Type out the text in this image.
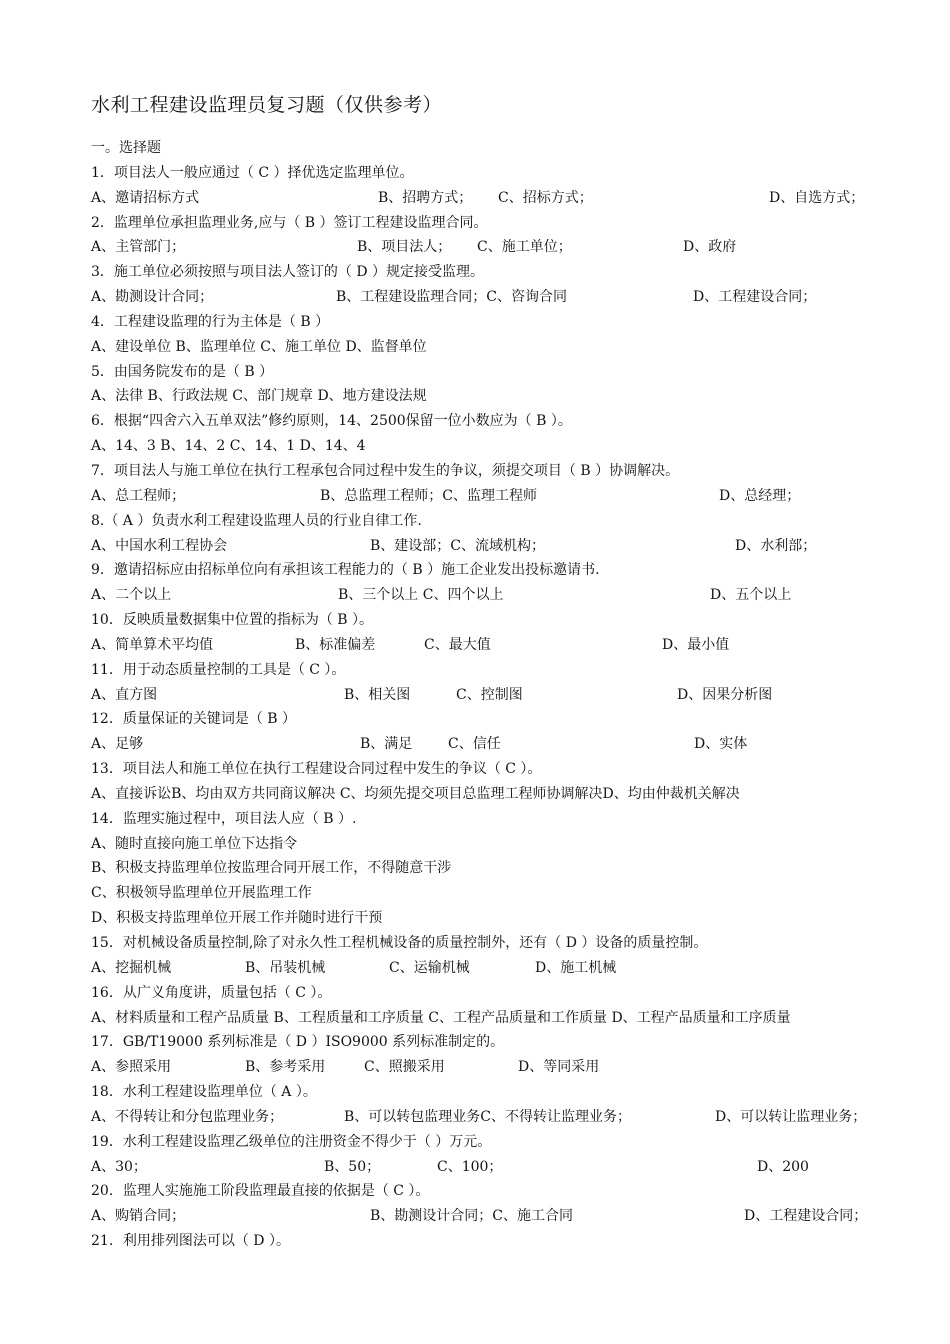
水利工程建设监理员复习题（仅供参考）
一。选择题
1．项目法人一般应通过（ C ）择优选定监理单位。
A、邀请招标方式	B、招聘方式； C、招标方式；	D、自选方式；
2．监理单位承担监理业务,应与（ B ）签订工程建设监理合同。
A、主管部门；	B、项目法人； C、施工单位；	D、政府
3．施工单位必须按照与项目法人签订的（ D ）规定接受监理。
A、勘测设计合同；	B、工程建设监理合同；C、咨询合同	D、工程建设合同；
4．工程建设监理的行为主体是（ B ）
A、建设单位 B、监理单位 C、施工单位 D、监督单位
5．由国务院发布的是（ B ）
A、法律 B、行政法规 C、部门规章 D、地方建设法规
6．根据“四舍六入五单双法”修约原则，14、2500保留一位小数应为（ B ）。
A、14、3 B、14、2 C、14、1 D、14、4
7．项目法人与施工单位在执行工程承包合同过程中发生的争议，须提交项目（ B ）协调解决。
A、总工程师；	B、总监理工程师；C、监理工程师	D、总经理；
8.（ A ）负责水利工程建设监理人员的行业自律工作.
A、中国水利工程协会	B、建设部；C、流域机构；	D、水利部；
9．邀请招标应由招标单位向有承担该工程能力的（ B ）施工企业发出投标邀请书.
A、二个以上	B、三个以上 C、四个以上	D、五个以上
10．反映质量数据集中位置的指标为（ B ）。
A、简单算术平均值	B、标准偏差	C、最大值	D、最小值
11．用于动态质量控制的工具是（ C ）。
A、直方图	B、相关图	C、控制图	D、因果分析图
12．质量保证的关键词是（ B ）
A、足够	B、满足	C、信任	D、实体
13．项目法人和施工单位在执行工程建设合同过程中发生的争议（ C ）。
A、直接诉讼B、均由双方共同商议解决 C、均须先提交项目总监理工程师协调解决D、均由仲裁机关解决
14．监理实施过程中，项目法人应（ B ）.
A、随时直接向施工单位下达指令
B、积极支持监理单位按监理合同开展工作，不得随意干涉
C、积极领导监理单位开展监理工作
D、积极支持监理单位开展工作并随时进行干预
15．对机械设备质量控制,除了对永久性工程机械设备的质量控制外，还有（ D ）设备的质量控制。
A、挖掘机械	B、吊装机械	C、运输机械	D、施工机械
16．从广义角度讲，质量包括（ C ）。
A、材料质量和工程产品质量 B、工程质量和工序质量 C、工程产品质量和工作质量 D、工程产品质量和工序质量
17．GB/T19000 系列标准是（ D ）ISO9000 系列标准制定的。
A、参照采用	B、参考采用	C、照搬采用	D、等同采用
18．水利工程建设监理单位（ A ）。
A、不得转让和分包监理业务；	B、可以转包监理业务C、不得转让监理业务；	D、可以转让监理业务；
19．水利工程建设监理乙级单位的注册资金不得少于（ ）万元。
A、30；	B、50；	C、100；	D、200
20．监理人实施施工阶段监理最直接的依据是（ C ）。
A、购销合同；	B、勘测设计合同；C、施工合同	D、工程建设合同；
21．利用排列图法可以（ D ）。
